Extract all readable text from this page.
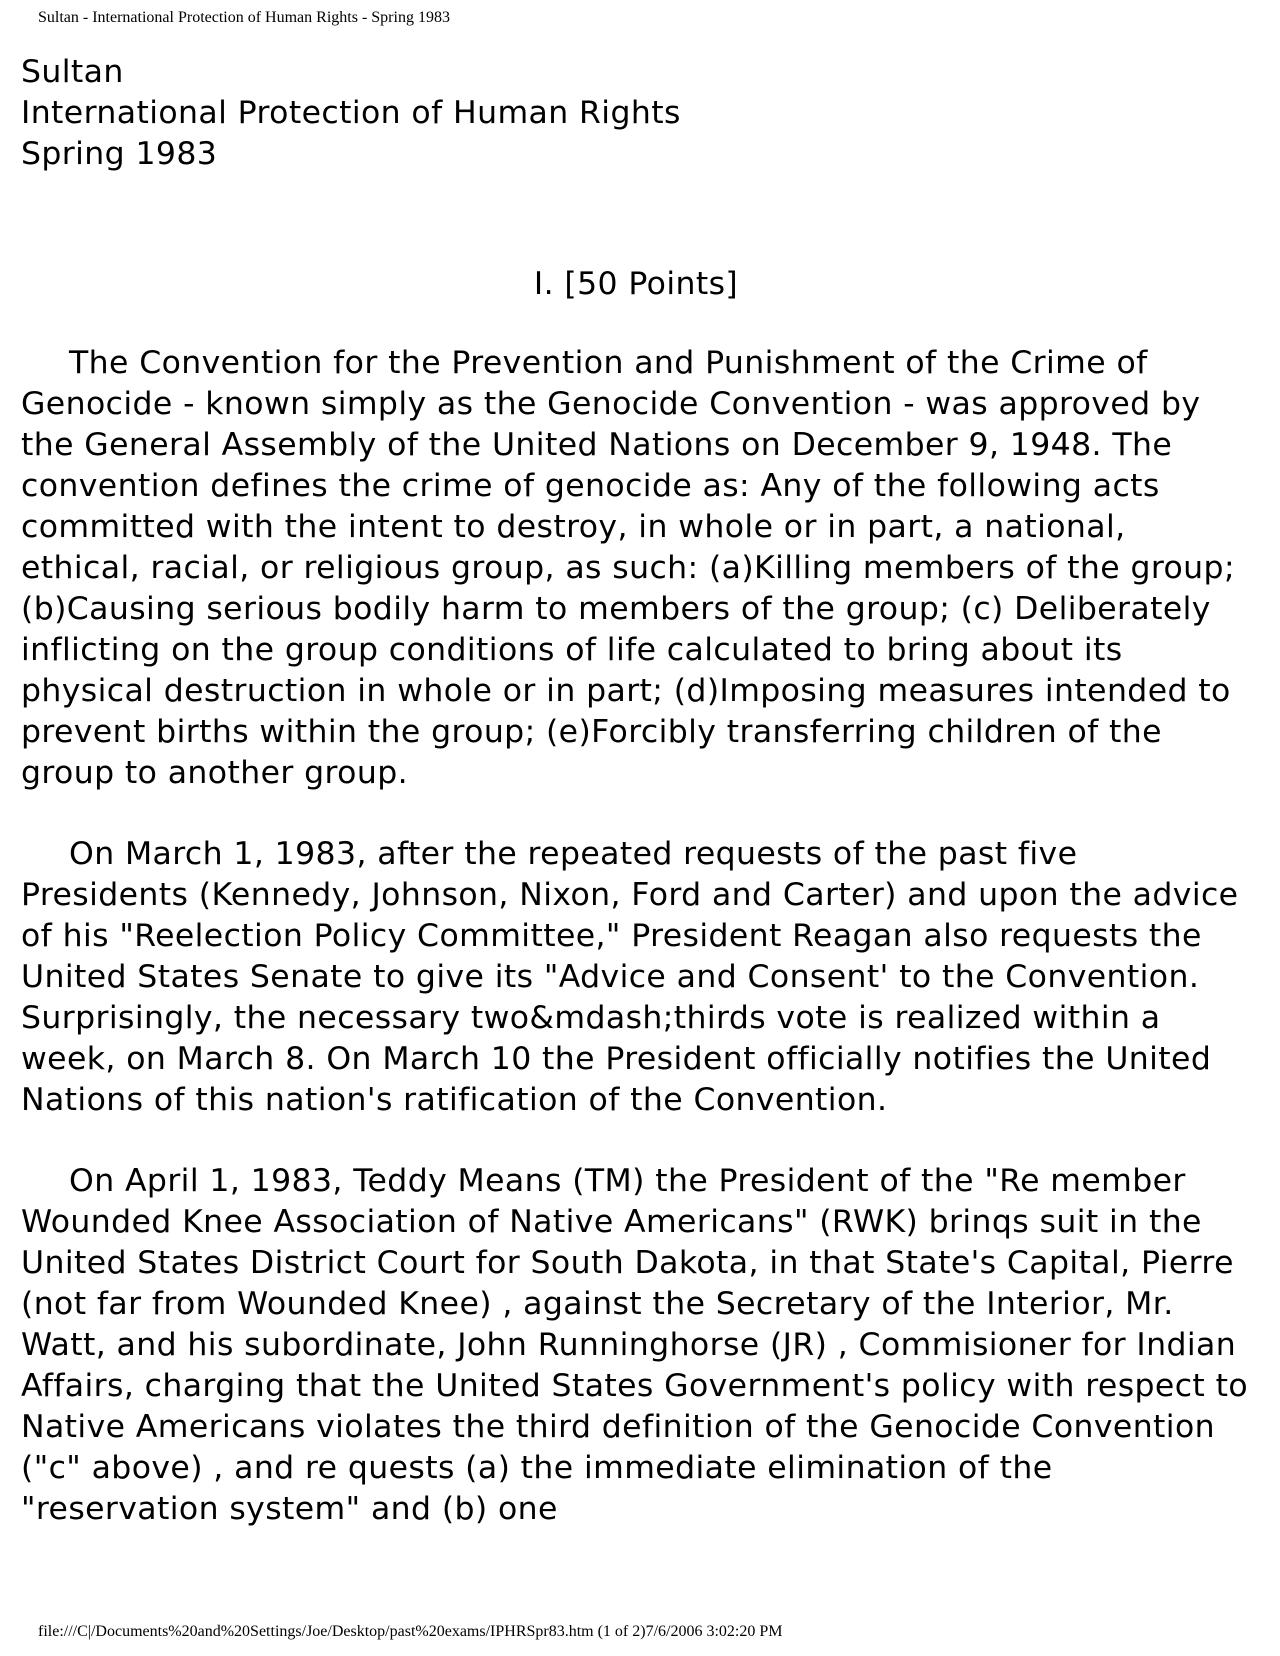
Sultan - International Protection of Human Rights - Spring 1983
Sultan
International Protection of Human Rights
Spring 1983
I. [50 Points]

The Convention for the Prevention and Punishment of the Crime of Genocide - known simply as the Genocide Convention - was approved by the General Assembly of the United Nations on December 9, 1948. The convention defines the crime of genocide as: Any of the following acts committed with the intent to destroy, in whole or in part, a national, ethical, racial, or religious group, as such: (a)Killing members of the group; (b)Causing serious bodily harm to members of the group; (c) Deliberately inflicting on the group conditions of life calculated to bring about its physical destruction in whole or in part; (d)Imposing measures intended to prevent births within the group; (e)Forcibly transferring children of the group to another group.

On March 1, 1983, after the repeated requests of the past five Presidents (Kennedy, Johnson, Nixon, Ford and Carter) and upon the advice of his "Reelection Policy Committee," President Reagan also requests the United States Senate to give its "Advice and Consent' to the Convention. Surprisingly, the necessary two&mdash;thirds vote is realized within a week, on March 8. On March 10 the President officially notifies the United Nations of this nation's ratification of the Convention.

On April 1, 1983, Teddy Means (TM) the President of the "Re member Wounded Knee Association of Native Americans" (RWK) brinqs suit in the United States District Court for South Dakota, in that State's Capital, Pierre (not far from Wounded Knee) , against the Secretary of the Interior, Mr. Watt, and his subordinate, John Runninghorse (JR) , Commisioner for Indian Affairs, charging that the United States Government's policy with respect to Native Americans violates the third definition of the Genocide Convention ("c" above) , and re quests (a) the immediate elimination of the "reservation system" and (b) one

file:///C|/Documents%20and%20Settings/Joe/Desktop/past%20exams/IPHRSpr83.htm (1 of 2)7/6/2006 3:02:20 PM
